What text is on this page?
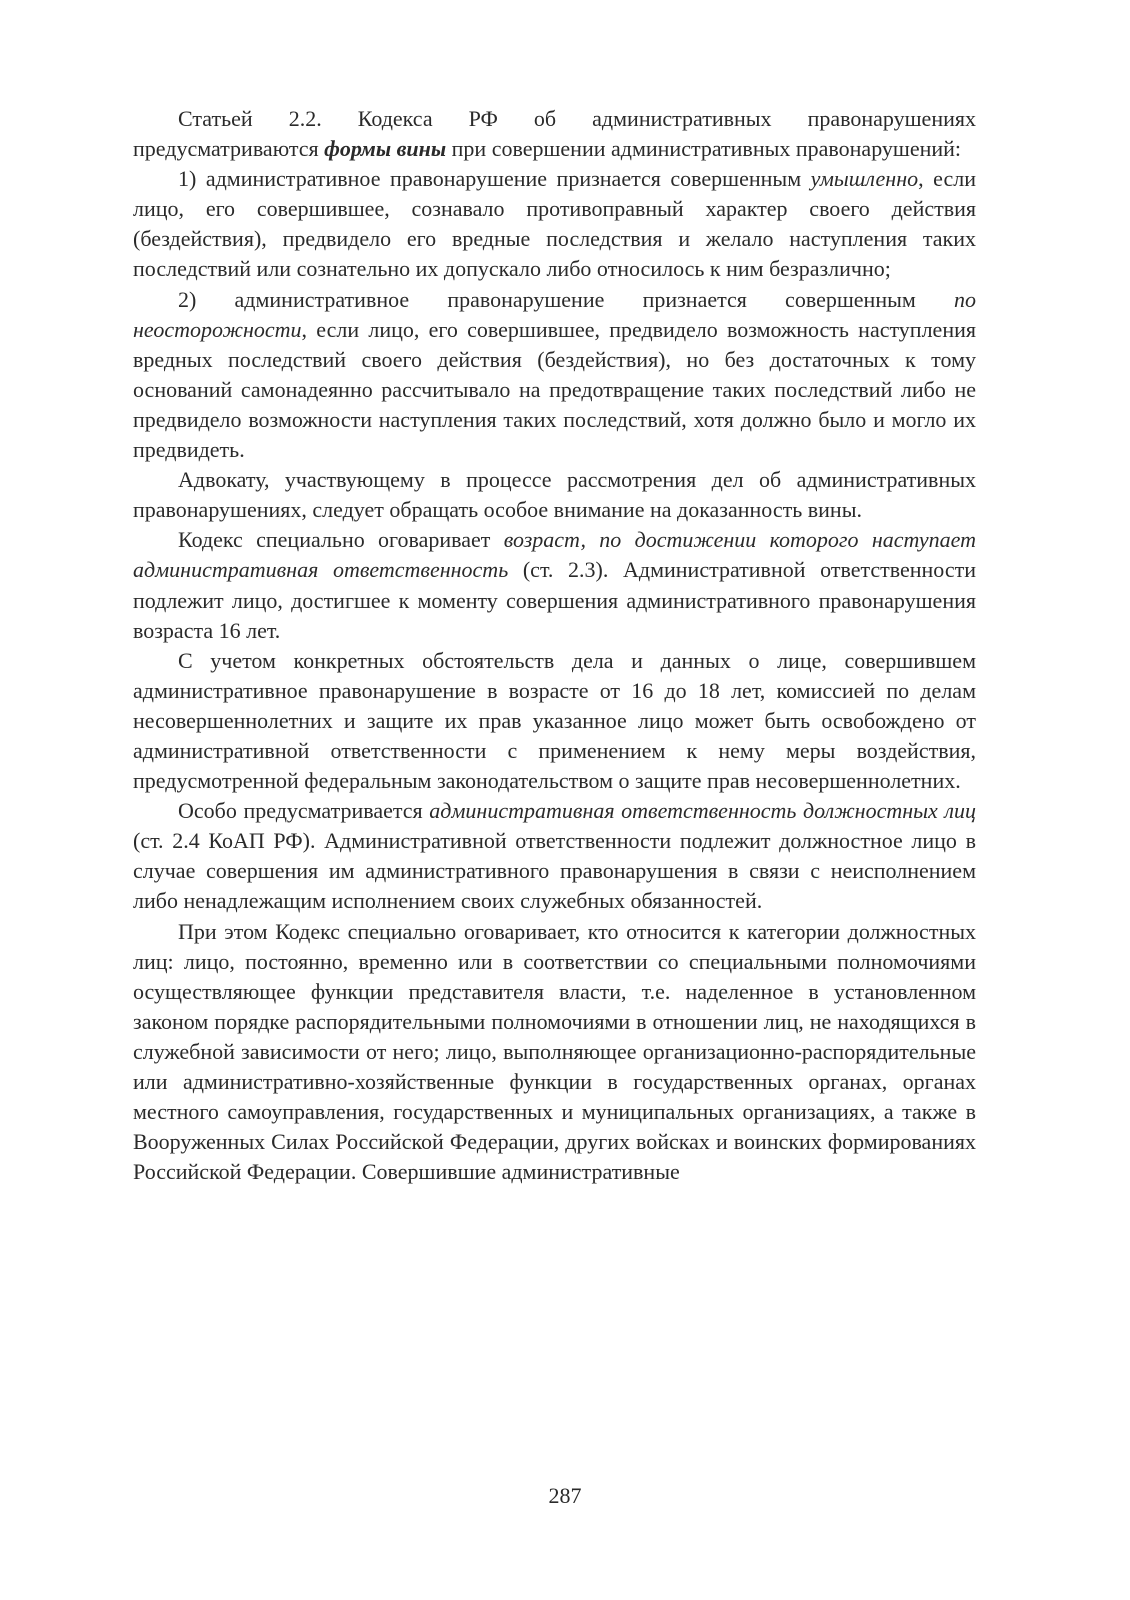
Статьей 2.2. Кодекса РФ об административных правонарушениях предусматриваются формы вины при совершении административных правонарушений:

1) административное правонарушение признается совершенным умышленно, если лицо, его совершившее, сознавало противоправный характер своего действия (бездействия), предвидело его вредные последствия и желало наступления таких последствий или сознательно их допускало либо относилось к ним безразлично;

2) административное правонарушение признается совершенным по неосторожности, если лицо, его совершившее, предвидело возможность наступления вредных последствий своего действия (бездействия), но без достаточных к тому оснований самонадеянно рассчитывало на предотвращение таких последствий либо не предвидело возможности наступления таких последствий, хотя должно было и могло их предвидеть.

Адвокату, участвующему в процессе рассмотрения дел об административных правонарушениях, следует обращать особое внимание на доказанность вины.

Кодекс специально оговаривает возраст, по достижении которого наступает административная ответственность (ст. 2.3). Административной ответственности подлежит лицо, достигшее к моменту совершения административного правонарушения возраста 16 лет.

С учетом конкретных обстоятельств дела и данных о лице, совершившем административное правонарушение в возрасте от 16 до 18 лет, комиссией по делам несовершеннолетних и защите их прав указанное лицо может быть освобождено от административной ответственности с применением к нему меры воздействия, предусмотренной федеральным законодательством о защите прав несовершеннолетних.

Особо предусматривается административная ответственность должностных лиц (ст. 2.4 КоАП РФ). Административной ответственности подлежит должностное лицо в случае совершения им административного правонарушения в связи с неисполнением либо ненадлежащим исполнением своих служебных обязанностей.

При этом Кодекс специально оговаривает, кто относится к категории должностных лиц: лицо, постоянно, временно или в соответствии со специальными полномочиями осуществляющее функции представителя власти, т.е. наделенное в установленном законом порядке распорядительными полномочиями в отношении лиц, не находящихся в служебной зависимости от него; лицо, выполняющее организационно-распорядительные или административно-хозяйственные функции в государственных органах, органах местного самоуправления, государственных и муниципальных организациях, а также в Вооруженных Силах Российской Федерации, других войсках и воинских формированиях Российской Федерации. Совершившие административные

287
